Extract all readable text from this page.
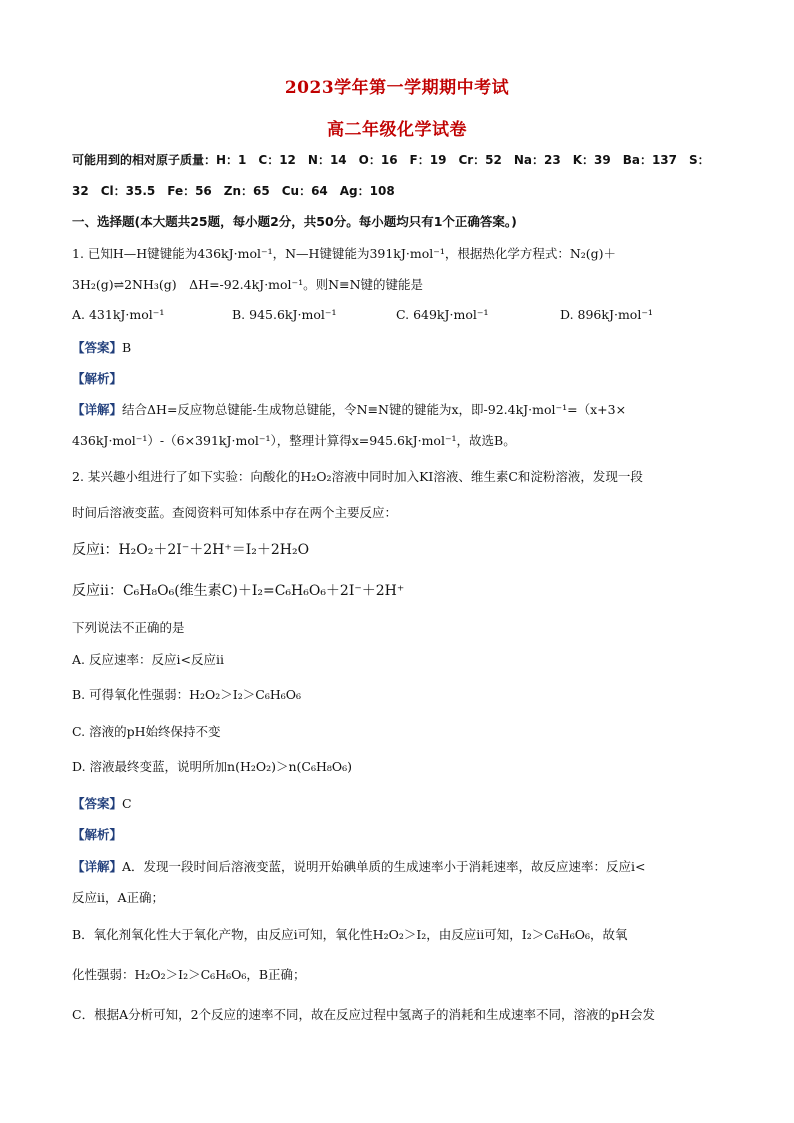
2023学年第一学期期中考试
高二年级化学试卷
可能用到的相对原子质量：H：1　C：12　N：14　O：16　F：19　Cr：52　Na：23　K：39　Ba：137　S：
32　Cl：35.5　Fe：56　Zn：65　Cu：64　Ag：108
一、选择题(本大题共25题，每小题2分，共50分。每小题均只有1个正确答案。)
1. 已知H—H键键能为436kJ·mol⁻¹，N—H键键能为391kJ·mol⁻¹，根据热化学方程式：N₂(g)＋
3H₂(g)⇌2NH₃(g)　ΔH=-92.4kJ·mol⁻¹。则N≡N键的键能是
A. 431kJ·mol⁻¹	B. 945.6kJ·mol⁻¹	C. 649kJ·mol⁻¹	D. 896kJ·mol⁻¹
【答案】B
【解析】
【详解】结合ΔH=反应物总键能-生成物总键能，令N≡N键的键能为x，即-92.4kJ·mol⁻¹=（x+3×
436kJ·mol⁻¹）-（6×391kJ·mol⁻¹），整理计算得x=945.6kJ·mol⁻¹，故选B。
2. 某兴趣小组进行了如下实验：向酸化的H₂O₂溶液中同时加入KI溶液、维生素C和淀粉溶液，发现一段
时间后溶液变蓝。查阅资料可知体系中存在两个主要反应：
反应ⅰ：H₂O₂＋2I⁻＋2H⁺＝I₂＋2H₂O
反应ⅱ：C₆H₈O₆(维生素C)＋I₂=C₆H₆O₆＋2I⁻＋2H⁺
下列说法不正确的是
A. 反应速率：反应ⅰ<反应ⅱ
B. 可得氧化性强弱：H₂O₂＞I₂＞C₆H₆O₆
C. 溶液的pH始终保持不变
D. 溶液最终变蓝，说明所加n(H₂O₂)＞n(C₆H₈O₆)
【答案】C
【解析】
【详解】A．发现一段时间后溶液变蓝，说明开始碘单质的生成速率小于消耗速率，故反应速率：反应ⅰ<
反应ⅱ，A正确；
B．氧化剂氧化性大于氧化产物，由反应ⅰ可知，氧化性H₂O₂＞I₂，由反应ⅱ可知，I₂＞C₆H₆O₆，故氧
化性强弱：H₂O₂＞I₂＞C₆H₆O₆，B正确；
C．根据A分析可知，2个反应的速率不同，故在反应过程中氢离子的消耗和生成速率不同，溶液的pH会发
